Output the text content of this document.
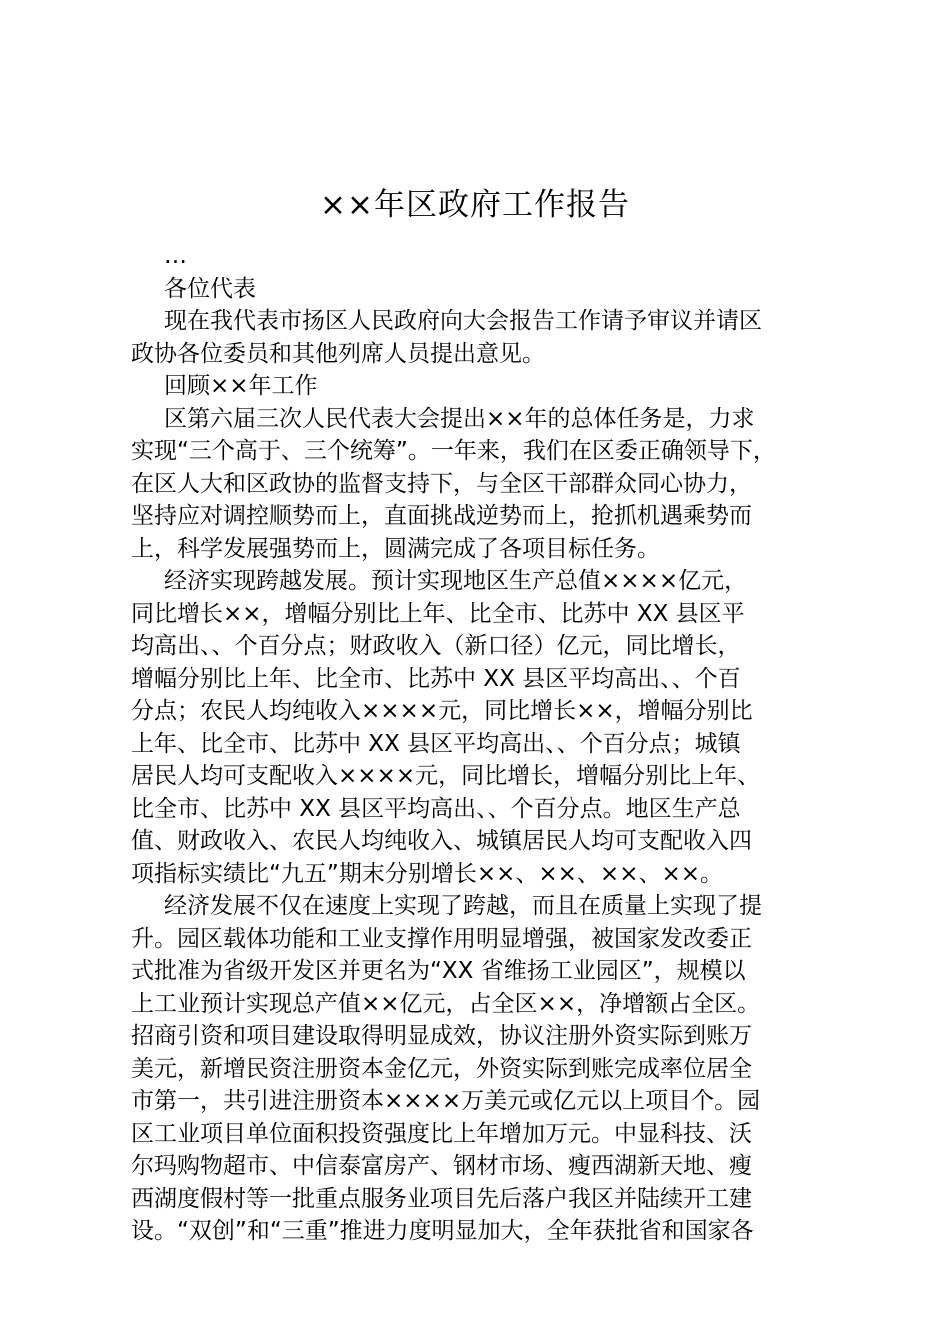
××年区政府工作报告

…

各位代表

现在我代表市扬区人民政府向大会报告工作请予审议并请区
政协各位委员和其他列席人员提出意见。

回顾××年工作

区第六届三次人民代表大会提出××年的总体任务是，力求
实现“三个高于、三个统筹”。一年来，我们在区委正确领导下，
在区人大和区政协的监督支持下，与全区干部群众同心协力，
坚持应对调控顺势而上，直面挑战逆势而上，抢抓机遇乘势而
上，科学发展强势而上，圆满完成了各项目标任务。

经济实现跨越发展。预计实现地区生产总值××××亿元，
同比增长××，增幅分别比上年、比全市、比苏中 XX 县区平
均高出、、个百分点；财政收入（新口径）亿元，同比增长，
增幅分别比上年、比全市、比苏中 XX 县区平均高出、、个百
分点；农民人均纯收入××××元，同比增长××，增幅分别比
上年、比全市、比苏中 XX 县区平均高出、、个百分点；城镇
居民人均可支配收入××××元，同比增长，增幅分别比上年、
比全市、比苏中 XX 县区平均高出、、个百分点。地区生产总
值、财政收入、农民人均纯收入、城镇居民人均可支配收入四
项指标实绩比“九五”期末分别增长××、××、××、××。

经济发展不仅在速度上实现了跨越，而且在质量上实现了提
升。园区载体功能和工业支撑作用明显增强，被国家发改委正
式批准为省级开发区并更名为“XX 省维扬工业园区”，规模以
上工业预计实现总产值××亿元，占全区××，净增额占全区。
招商引资和项目建设取得明显成效，协议注册外资实际到账万
美元，新增民资注册资本金亿元，外资实际到账完成率位居全
市第一，共引进注册资本××××万美元或亿元以上项目个。园
区工业项目单位面积投资强度比上年增加万元。中显科技、沃
尔玛购物超市、中信泰富房产、钢材市场、瘦西湖新天地、瘦
西湖度假村等一批重点服务业项目先后落户我区并陆续开工建
设。“双创”和“三重”推进力度明显加大，全年获批省和国家各
